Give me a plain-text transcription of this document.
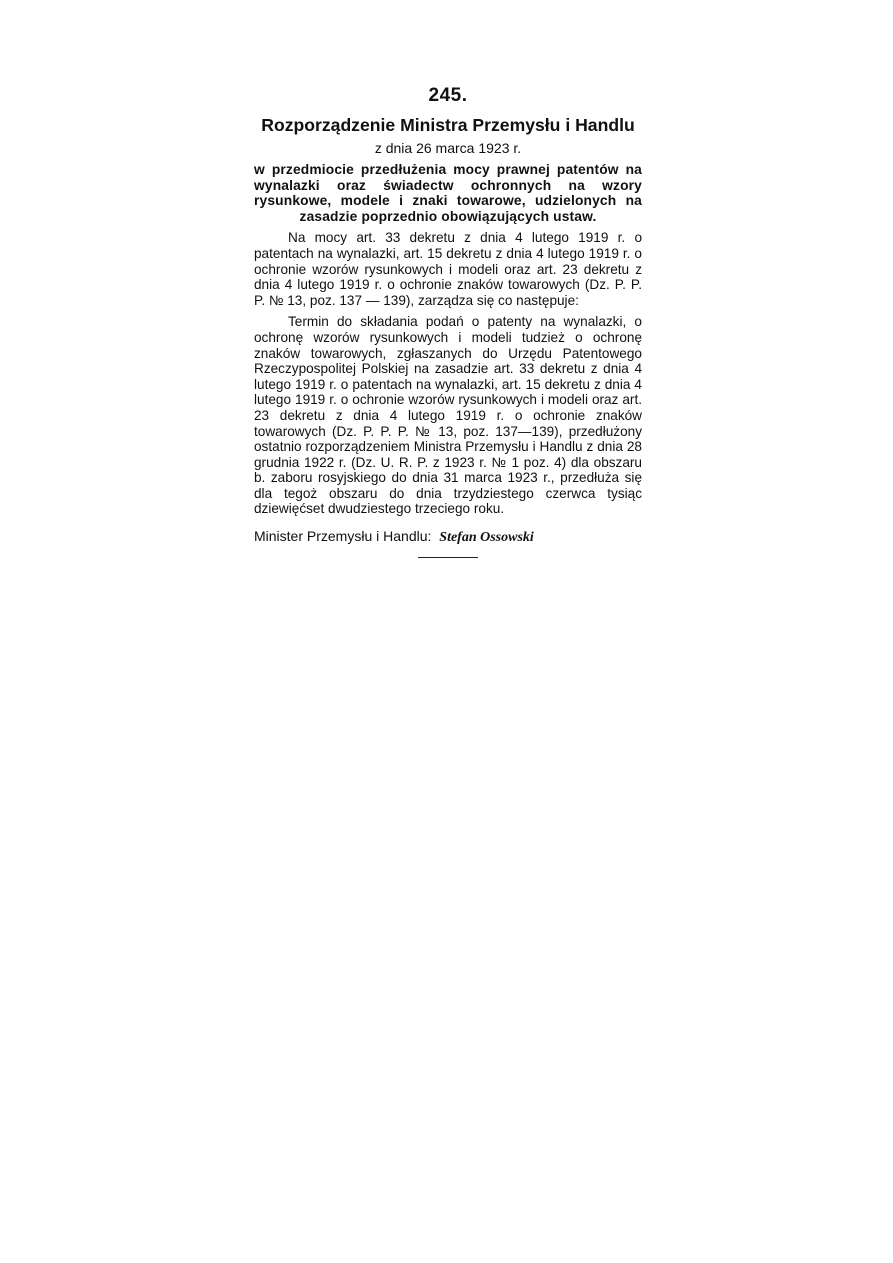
245.
Rozporządzenie Ministra Przemysłu i Handlu
z dnia 26 marca 1923 r.
w przedmiocie przedłużenia mocy prawnej patentów na wynalazki oraz świadectw ochronnych na wzory rysunkowe, modele i znaki towarowe, udzielonych na zasadzie poprzednio obowiązujących ustaw.

Na mocy art. 33 dekretu z dnia 4 lutego 1919 r. o patentach na wynalazki, art. 15 dekretu z dnia 4 lutego 1919 r. o ochronie wzorów rysunkowych i modeli oraz art. 23 dekretu z dnia 4 lutego 1919 r. o ochronie znaków towarowych (Dz. P. P. P. № 13, poz. 137 — 139), zarządza się co następuje:

Termin do składania podań o patenty na wynalazki, o ochronę wzorów rysunkowych i modeli tudzież o ochronę znaków towarowych, zgłaszanych do Urzędu Patentowego Rzeczypospolitej Polskiej na zasadzie art. 33 dekretu z dnia 4 lutego 1919 r. o patentach na wynalazki, art. 15 dekretu z dnia 4 lutego 1919 r. o ochronie wzorów rysunkowych i modeli oraz art. 23 dekretu z dnia 4 lutego 1919 r. o ochronie znaków towarowych (Dz. P. P. P. № 13, poz. 137—139), przedłużony ostatnio rozporządzeniem Ministra Przemysłu i Handlu z dnia 28 grudnia 1922 r. (Dz. U. R. P. z 1923 r. № 1 poz. 4) dla obszaru b. zaboru rosyjskiego do dnia 31 marca 1923 r., przedłuża się dla tegoż obszaru do dnia trzydziestego czerwca tysiąc dziewięćset dwudziestego trzeciego roku.

Minister Przemysłu i Handlu: Stefan Ossowski
